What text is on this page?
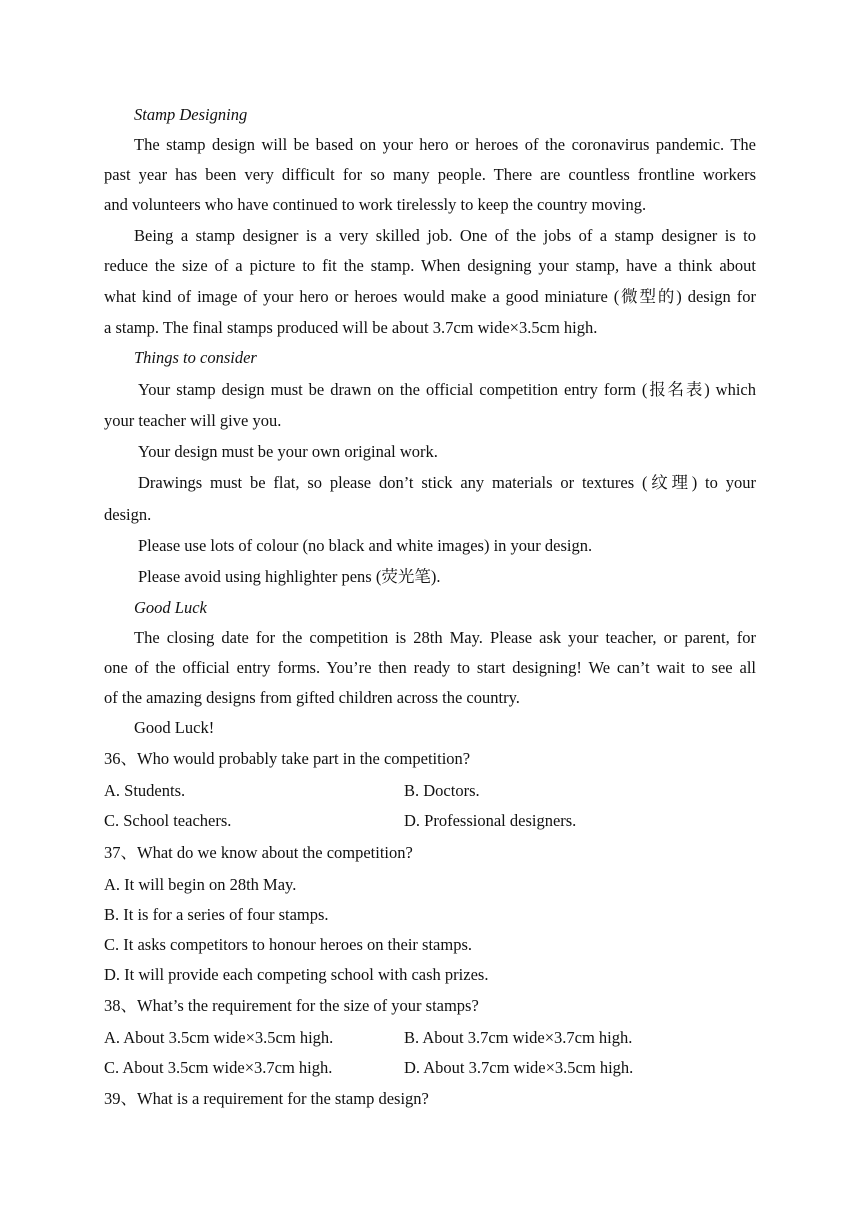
Stamp Designing
The stamp design will be based on your hero or heroes of the coronavirus pandemic. The
past year has been very difficult for so many people. There are countless frontline workers
and volunteers who have continued to work tirelessly to keep the country moving.
Being a stamp designer is a very skilled job. One of the jobs of a stamp designer is to
reduce the size of a picture to fit the stamp. When designing your stamp, have a think about
what kind of image of your hero or heroes would make a good miniature (微型的) design for
a stamp. The final stamps produced will be about 3.7cm wide×3.5cm high.
Things to consider
Your stamp design must be drawn on the official competition entry form (报名表) which
your teacher will give you.
Your design must be your own original work.
Drawings must be flat, so please don’t stick any materials or textures (纹理) to your
design.
Please use lots of colour (no black and white images) in your design.
Please avoid using highlighter pens (荧光笔).
Good Luck
The closing date for the competition is 28th May. Please ask your teacher, or parent, for
one of the official entry forms. You’re then ready to start designing! We can’t wait to see all
of the amazing designs from gifted children across the country.
Good Luck!
36、Who would probably take part in the competition?
A. Students.	B. Doctors.
C. School teachers.	D. Professional designers.
37、What do we know about the competition?
A. It will begin on 28th May.
B. It is for a series of four stamps.
C. It asks competitors to honour heroes on their stamps.
D. It will provide each competing school with cash prizes.
38、What’s the requirement for the size of your stamps?
A. About 3.5cm wide×3.5cm high.	B. About 3.7cm wide×3.7cm high.
C. About 3.5cm wide×3.7cm high.	D. About 3.7cm wide×3.5cm high.
39、What is a requirement for the stamp design?
